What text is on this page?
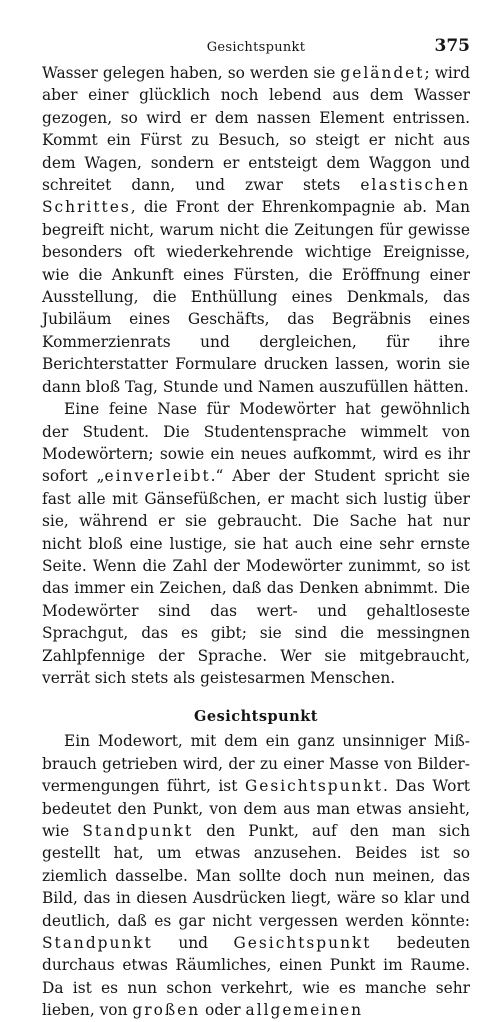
Gesichtspunkt	375

Wasser gelegen haben, so werden sie geländet; wird aber einer glücklich noch lebend aus dem Wasser gezogen, so wird er dem nassen Element entrissen. Kommt ein Fürst zu Besuch, so steigt er nicht aus dem Wagen, sondern er entsteigt dem Waggon und schreitet dann, und zwar stets elastischen Schrittes, die Front der Ehrenkompagnie ab. Man begreift nicht, warum nicht die Zeitungen für gewisse besonders oft wiederkehrende wichtige Ereignisse, wie die Ankunft eines Fürsten, die Eröffnung einer Ausstellung, die Enthüllung eines Denkmals, das Jubiläum eines Geschäfts, das Begräbnis eines Kommerzienrats und dergleichen, für ihre Berichterstatter Formulare drucken lassen, worin sie dann bloß Tag, Stunde und Namen auszufüllen hätten.

Eine feine Nase für Modewörter hat gewöhnlich der Student. Die Studentensprache wimmelt von Modewörtern; sowie ein neues aufkommt, wird es ihr sofort „einverleibt.“ Aber der Student spricht sie fast alle mit Gänsefüßchen, er macht sich lustig über sie, während er sie gebraucht. Die Sache hat nur nicht bloß eine lustige, sie hat auch eine sehr ernste Seite. Wenn die Zahl der Modewörter zunimmt, so ist das immer ein Zeichen, daß das Denken abnimmt. Die Modewörter sind das wert- und gehaltloseste Sprachgut, das es gibt; sie sind die messingnen Zahlpfennige der Sprache. Wer sie mitgebraucht, verrät sich stets als geistesarmen Menschen.

Gesichtspunkt

Ein Modewort, mit dem ein ganz unsinniger Mißbrauch getrieben wird, der zu einer Masse von Bildervermengungen führt, ist Gesichtspunkt. Das Wort bedeutet den Punkt, von dem aus man etwas ansieht, wie Standpunkt den Punkt, auf den man sich gestellt hat, um etwas anzusehen. Beides ist so ziemlich dasselbe. Man sollte doch nun meinen, das Bild, das in diesen Ausdrücken liegt, wäre so klar und deutlich, daß es gar nicht vergessen werden könnte: Standpunkt und Gesichtspunkt bedeuten durchaus etwas Räumliches, einen Punkt im Raume. Da ist es nun schon verkehrt, wie es manche sehr lieben, von großen oder allgemeinen
